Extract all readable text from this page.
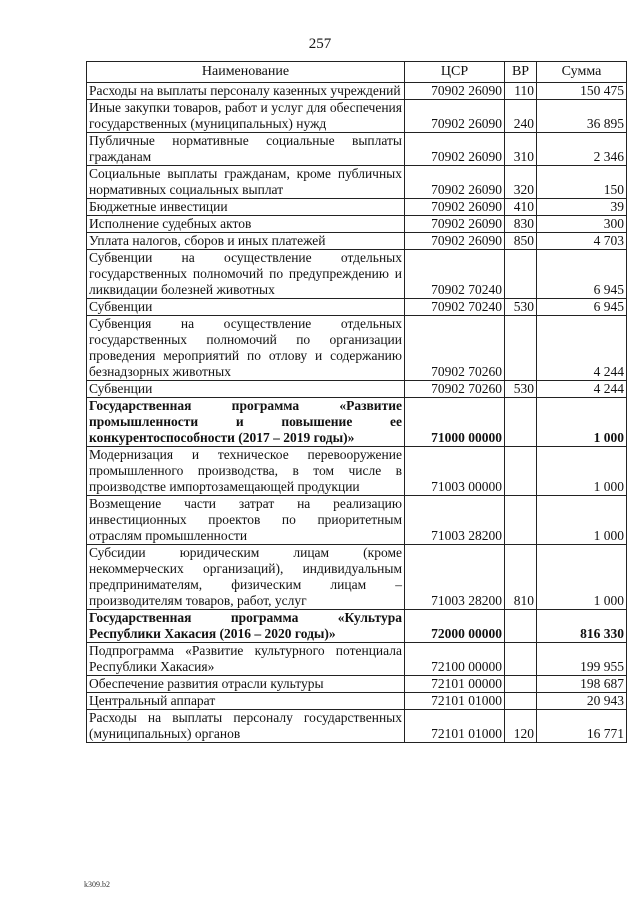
257
Наименование	ЦСР	ВР	Сумма
Расходы на выплаты персоналу казенных учреждений	70902 26090	110	150 475
Иные закупки товаров, работ и услуг для обеспечения государственных (муниципальных) нужд	70902 26090	240	36 895
Публичные нормативные социальные выплаты гражданам	70902 26090	310	2 346
Социальные выплаты гражданам, кроме публичных нормативных социальных выплат	70902 26090	320	150
Бюджетные инвестиции	70902 26090	410	39
Исполнение судебных актов	70902 26090	830	300
Уплата налогов, сборов и иных платежей	70902 26090	850	4 703
Субвенции на осуществление отдельных государственных полномочий по предупреждению и ликвидации болезней животных	70902 70240		6 945
Субвенции	70902 70240	530	6 945
Субвенция на осуществление отдельных государственных полномочий по организации проведения мероприятий по отлову и содержанию безнадзорных животных	70902 70260		4 244
Субвенции	70902 70260	530	4 244
Государственная программа «Развитие промышленности и повышение ее конкурентоспособности (2017 – 2019 годы)»	71000 00000		1 000
Модернизация и техническое перевооружение промышленного производства, в том числе в производстве импортозамещающей продукции	71003 00000		1 000
Возмещение части затрат на реализацию инвестиционных проектов по приоритетным отраслям промышленности	71003 28200		1 000
Субсидии юридическим лицам (кроме некоммерческих организаций), индивидуальным предпринимателям, физическим лицам – производителям товаров, работ, услуг	71003 28200	810	1 000
Государственная программа «Культура Республики Хакасия (2016 – 2020 годы)»	72000 00000		816 330
Подпрограмма «Развитие культурного потенциала Республики Хакасия»	72100 00000		199 955
Обеспечение развития отрасли культуры	72101 00000		198 687
Центральный аппарат	72101 01000		20 943
Расходы на выплаты персоналу государственных (муниципальных) органов	72101 01000	120	16 771
k309.b2
